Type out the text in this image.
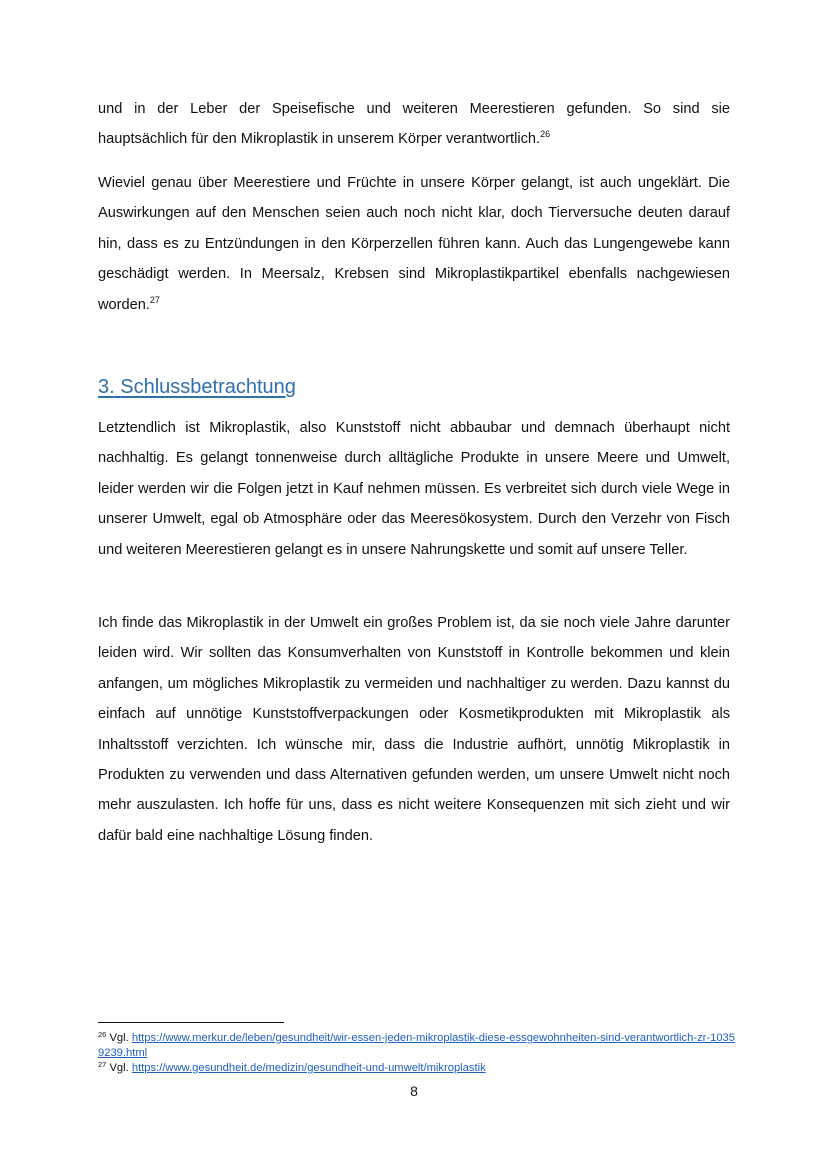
und in der Leber der Speisefische und weiteren Meerestieren gefunden. So sind sie hauptsächlich für den Mikroplastik in unserem Körper verantwortlich.$^{26}$

Wieviel genau über Meerestiere und Früchte in unsere Körper gelangt, ist auch ungeklärt. Die Auswirkungen auf den Menschen seien auch noch nicht klar, doch Tierversuche deuten darauf hin, dass es zu Entzündungen in den Körperzellen führen kann. Auch das Lungengewebe kann geschädigt werden. In Meersalz, Krebsen sind Mikroplastikpartikel ebenfalls nachgewiesen worden.$^{27}$

3. Schlussbetrachtung

Letztendlich ist Mikroplastik, also Kunststoff nicht abbaubar und demnach überhaupt nicht nachhaltig. Es gelangt tonnenweise durch alltägliche Produkte in unsere Meere und Umwelt, leider werden wir die Folgen jetzt in Kauf nehmen müssen. Es verbreitet sich durch viele Wege in unserer Umwelt, egal ob Atmosphäre oder das Meeresökosystem. Durch den Verzehr von Fisch und weiteren Meerestieren gelangt es in unsere Nahrungskette und somit auf unsere Teller.

Ich finde das Mikroplastik in der Umwelt ein großes Problem ist, da sie noch viele Jahre darunter leiden wird. Wir sollten das Konsumverhalten von Kunststoff in Kontrolle bekommen und klein anfangen, um mögliches Mikroplastik zu vermeiden und nachhaltiger zu werden. Dazu kannst du einfach auf unnötige Kunststoffverpackungen oder Kosmetikprodukten mit Mikroplastik als Inhaltsstoff verzichten. Ich wünsche mir, dass die Industrie aufhört, unnötig Mikroplastik in Produkten zu verwenden und dass Alternativen gefunden werden, um unsere Umwelt nicht noch mehr auszulasten. Ich hoffe für uns, dass es nicht weitere Konsequenzen mit sich zieht und wir dafür bald eine nachhaltige Lösung finden.

$^{26}$ Vgl. https://www.merkur.de/leben/gesundheit/wir-essen-jeden-mikroplastik-diese-essgewohnheiten-sind-verantwortlich-zr-10359239.html

$^{27}$ Vgl. https://www.gesundheit.de/medizin/gesundheit-und-umwelt/mikroplastik

8
